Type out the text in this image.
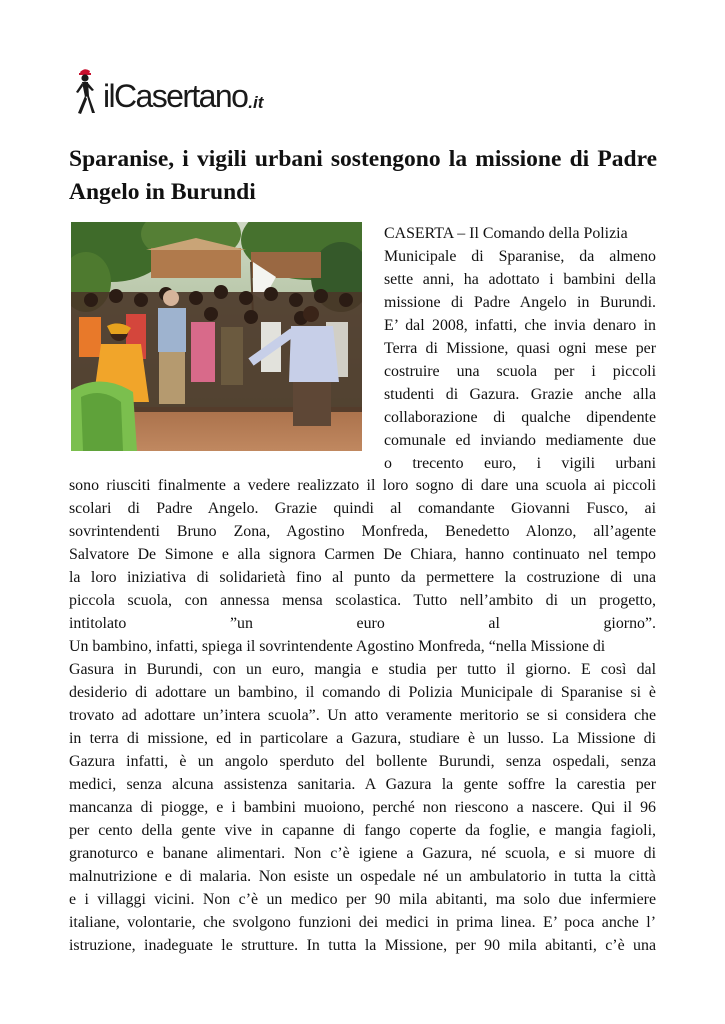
ilCasertano .it
Sparanise, i vigili urbani sostengono la missione di Padre Angelo in Burundi
CASERTA – Il Comando della Polizia
Municipale di Sparanise, da almeno
sette anni, ha adottato i bambini della
missione di Padre Angelo in Burundi.
E’ dal 2008, infatti, che invia denaro in
Terra di Missione, quasi ogni mese per
costruire una scuola per i piccoli
studenti di Gazura. Grazie anche alla
collaborazione di qualche dipendente
comunale ed inviando mediamente due
o trecento euro, i vigili urbani
sono riusciti finalmente a vedere realizzato il loro sogno di dare una scuola ai piccoli
scolari di Padre Angelo. Grazie quindi al comandante Giovanni Fusco, ai
sovrintendenti Bruno Zona, Agostino Monfreda, Benedetto Alonzo, all’agente
Salvatore De Simone e alla signora Carmen De Chiara, hanno continuato nel tempo
la loro iniziativa di solidarietà fino al punto da permettere la costruzione di una
piccola scuola, con annessa mensa scolastica. Tutto nell’ambito di un progetto,
intitolato ”un euro al giorno”.
Un bambino, infatti, spiega il sovrintendente Agostino Monfreda, “nella Missione di
Gasura in Burundi, con un euro, mangia e studia per tutto il giorno. E così dal
desiderio di adottare un bambino, il comando di Polizia Municipale di Sparanise si è
trovato ad adottare un’intera scuola”. Un atto veramente meritorio se si considera che
in terra di missione, ed in particolare a Gazura, studiare è un lusso. La Missione di
Gazura infatti, è un angolo sperduto del bollente Burundi, senza ospedali, senza
medici, senza alcuna assistenza sanitaria. A Gazura la gente soffre la carestia per
mancanza di piogge, e i bambini muoiono, perché non riescono a nascere. Qui il 96
per cento della gente vive in capanne di fango coperte da foglie, e mangia fagioli,
granoturco e banane alimentari. Non c’è igiene a Gazura, né scuola, e si muore di
malnutrizione e di malaria. Non esiste un ospedale né un ambulatorio in tutta la città
e i villaggi vicini. Non c’è un medico per 90 mila abitanti, ma solo due infermiere
italiane, volontarie, che svolgono funzioni dei medici in prima linea. E’ poca anche l’
istruzione, inadeguate le strutture. In tutta la Missione, per 90 mila abitanti, c’è una
